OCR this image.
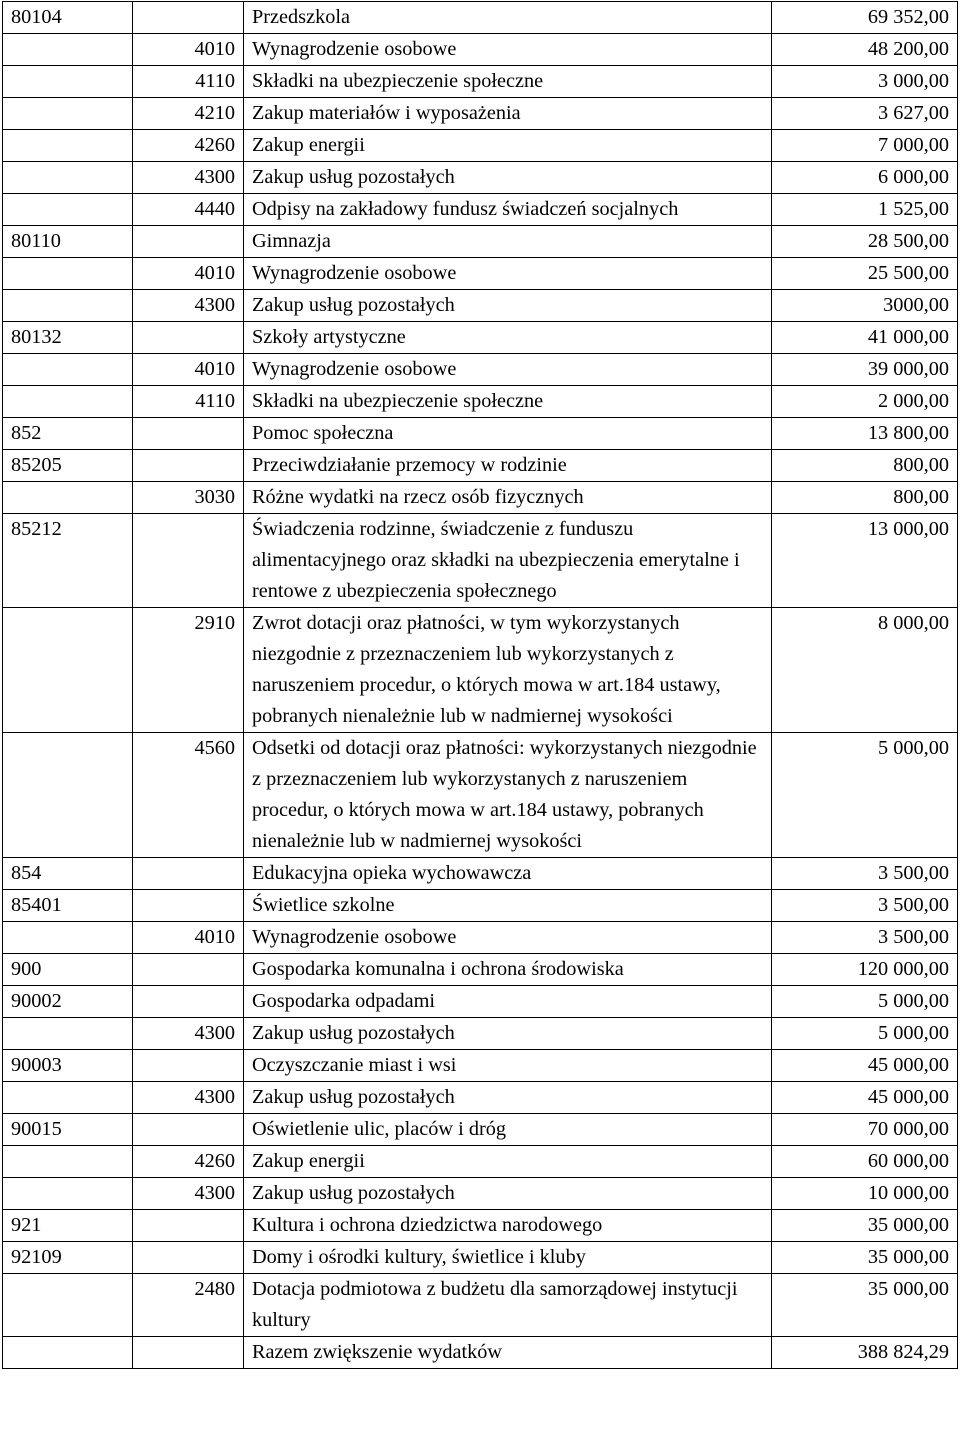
80104		Przedszkola	69 352,00
	4010	Wynagrodzenie osobowe	48 200,00
	4110	Składki na ubezpieczenie społeczne	3 000,00
	4210	Zakup materiałów i wyposażenia	3 627,00
	4260	Zakup energii	7 000,00
	4300	Zakup usług pozostałych	6 000,00
	4440	Odpisy na zakładowy fundusz świadczeń socjalnych	1 525,00
80110		Gimnazja	28 500,00
	4010	Wynagrodzenie osobowe	25 500,00
	4300	Zakup usług pozostałych	3000,00
80132		Szkoły artystyczne	41 000,00
	4010	Wynagrodzenie osobowe	39 000,00
	4110	Składki na ubezpieczenie społeczne	2 000,00
852		Pomoc społeczna	13 800,00
85205		Przeciwdziałanie przemocy w rodzinie	800,00
	3030	Różne wydatki na rzecz osób fizycznych	800,00
85212		Świadczenia rodzinne, świadczenie z funduszu alimentacyjnego oraz składki na ubezpieczenia emerytalne i rentowe z ubezpieczenia społecznego	13 000,00
	2910	Zwrot dotacji oraz płatności, w tym wykorzystanych niezgodnie z przeznaczeniem lub wykorzystanych z naruszeniem procedur, o których mowa w art.184 ustawy, pobranych nienależnie lub w nadmiernej wysokości	8 000,00
	4560	Odsetki od dotacji oraz płatności: wykorzystanych niezgodnie z przeznaczeniem lub wykorzystanych z naruszeniem procedur, o których mowa w art.184 ustawy, pobranych nienależnie lub w nadmiernej wysokości	5 000,00
854		Edukacyjna opieka wychowawcza	3 500,00
85401		Świetlice szkolne	3 500,00
	4010	Wynagrodzenie osobowe	3 500,00
900		Gospodarka komunalna i ochrona środowiska	120 000,00
90002		Gospodarka odpadami	5 000,00
	4300	Zakup usług pozostałych	5 000,00
90003		Oczyszczanie miast i wsi	45 000,00
	4300	Zakup usług pozostałych	45 000,00
90015		Oświetlenie ulic, placów i dróg	70 000,00
	4260	Zakup energii	60 000,00
	4300	Zakup usług pozostałych	10 000,00
921		Kultura i ochrona dziedzictwa narodowego	35 000,00
92109		Domy i ośrodki kultury, świetlice i kluby	35 000,00
	2480	Dotacja podmiotowa z budżetu dla samorządowej instytucji kultury	35 000,00
		Razem zwiększenie wydatków	388 824,29
